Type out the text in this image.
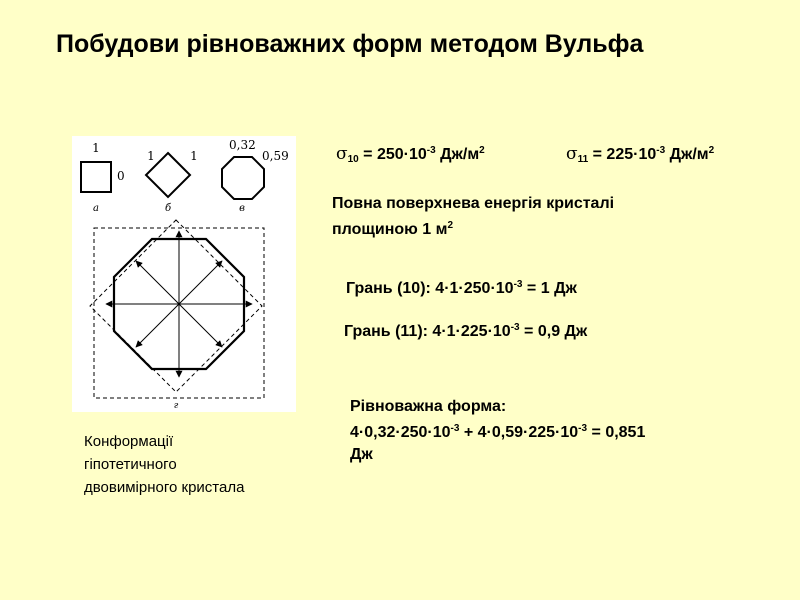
Побудови рівноважних форм методом Вульфа
$\sigma_{10} = 250\cdot 10^{-3}$ $Дж/м^2$	$\sigma_{11} = 225\cdot 10^{-3}$ $Дж/м^2$
Повна поверхнева енергія кристалі
площиною 1 $м^2$
Грань (10): $4\cdot 1\cdot 250\cdot 10^{-3} = 1$ Дж
Грань (11): $4\cdot 1\cdot 225\cdot 10^{-3} = 0,9$ Дж
Рівноважна форма:
$4\cdot 0,32\cdot 250\cdot 10^{-3} + 4\cdot 0,59\cdot 225\cdot 10^{-3} = 0,851$
Дж
1
0
а
1	1
б
0,32
0,59
в
г
Конформації
гіпотетичного
двовимірного кристала
